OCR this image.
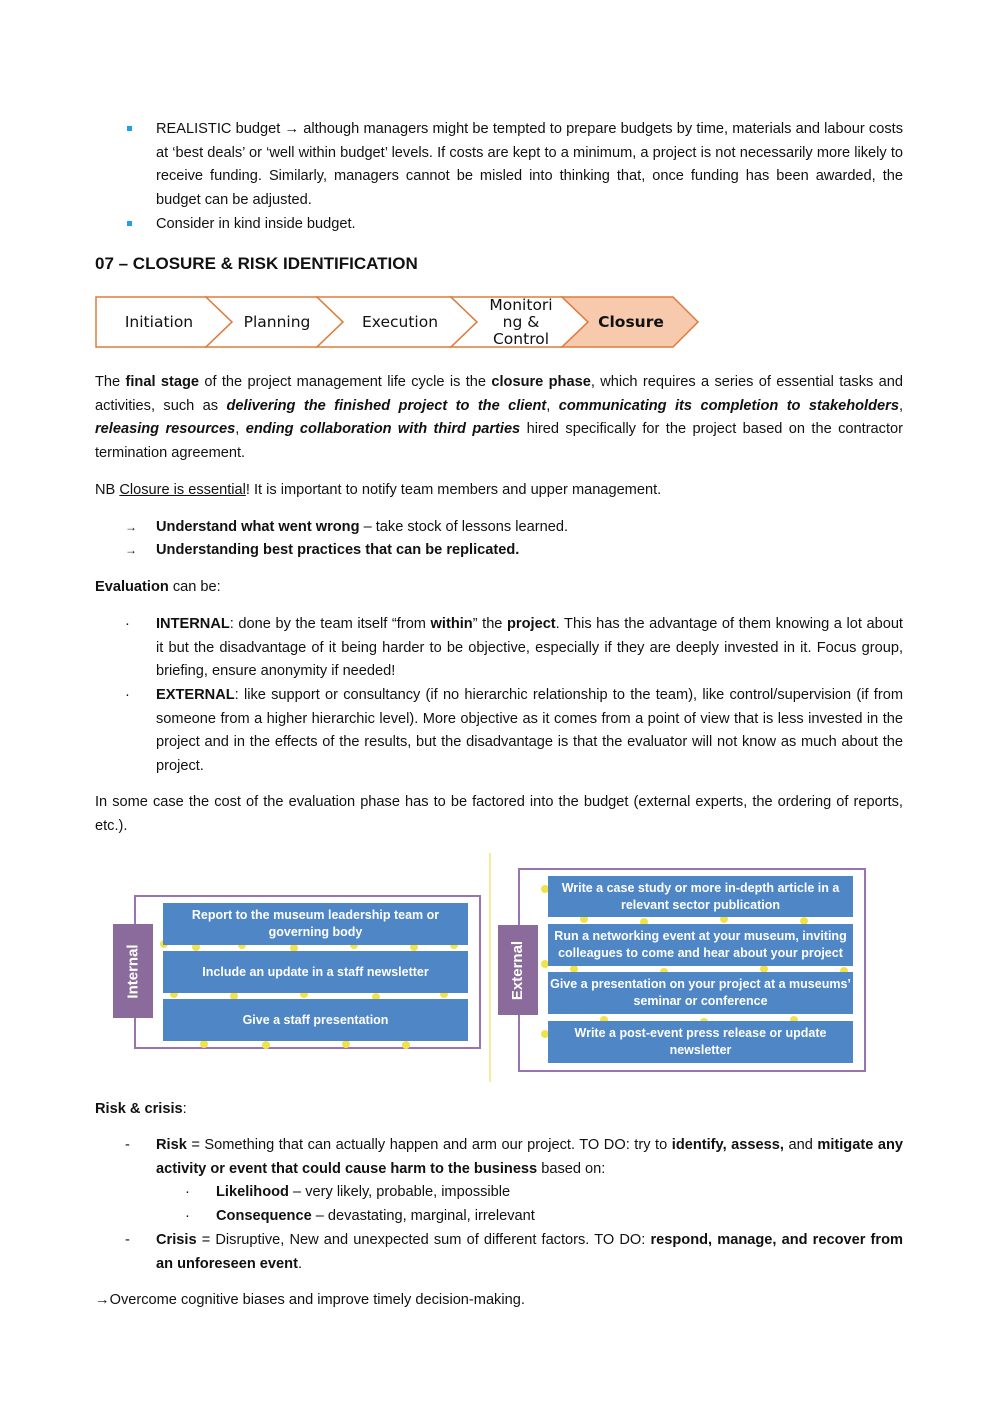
REALISTIC budget → although managers might be tempted to prepare budgets by time, materials and labour costs at ‘best deals’ or ‘well within budget’ levels. If costs are kept to a minimum, a project is not necessarily more likely to receive funding. Similarly, managers cannot be misled into thinking that, once funding has been awarded, the budget can be adjusted.
Consider in kind inside budget.
07 – CLOSURE & RISK IDENTIFICATION
The final stage of the project management life cycle is the closure phase, which requires a series of essential tasks and activities, such as delivering the finished project to the client, communicating its completion to stakeholders, releasing resources, ending collaboration with third parties hired specifically for the project based on the contractor termination agreement.
NB Closure is essential! It is important to notify team members and upper management.
→ Understand what went wrong – take stock of lessons learned.
→ Understanding best practices that can be replicated.
Evaluation can be:
· INTERNAL: done by the team itself “from within” the project. This has the advantage of them knowing a lot about it but the disadvantage of it being harder to be objective, especially if they are deeply invested in it. Focus group, briefing, ensure anonymity if needed!
· EXTERNAL: like support or consultancy (if no hierarchic relationship to the team), like control/supervision (if from someone from a higher hierarchic level). More objective as it comes from a point of view that is less invested in the project and in the effects of the results, but the disadvantage is that the evaluator will not know as much about the project.
In some case the cost of the evaluation phase has to be factored into the budget (external experts, the ordering of reports, etc.).
Risk & crisis:
- Risk = Something that can actually happen and arm our project. TO DO: try to identify, assess, and mitigate any activity or event that could cause harm to the business based on:
· Likelihood – very likely, probable, impossible
· Consequence – devastating, marginal, irrelevant
- Crisis = Disruptive, New and unexpected sum of different factors. TO DO: respond, manage, and recover from an unforeseen event.
→Overcome cognitive biases and improve timely decision-making.
Initiation	Planning	Execution
Monitori
ng &
Control
Closure
Internal
Report to the museum leadership team or governing body
Include an update in a staff newsletter
Give a staff presentation
External
Write a case study or more in-depth article in a relevant sector publication
Run a networking event at your museum, inviting colleagues to come and hear about your project
Give a presentation on your project at a museums’ seminar or conference
Write a post-event press release or update newsletter
